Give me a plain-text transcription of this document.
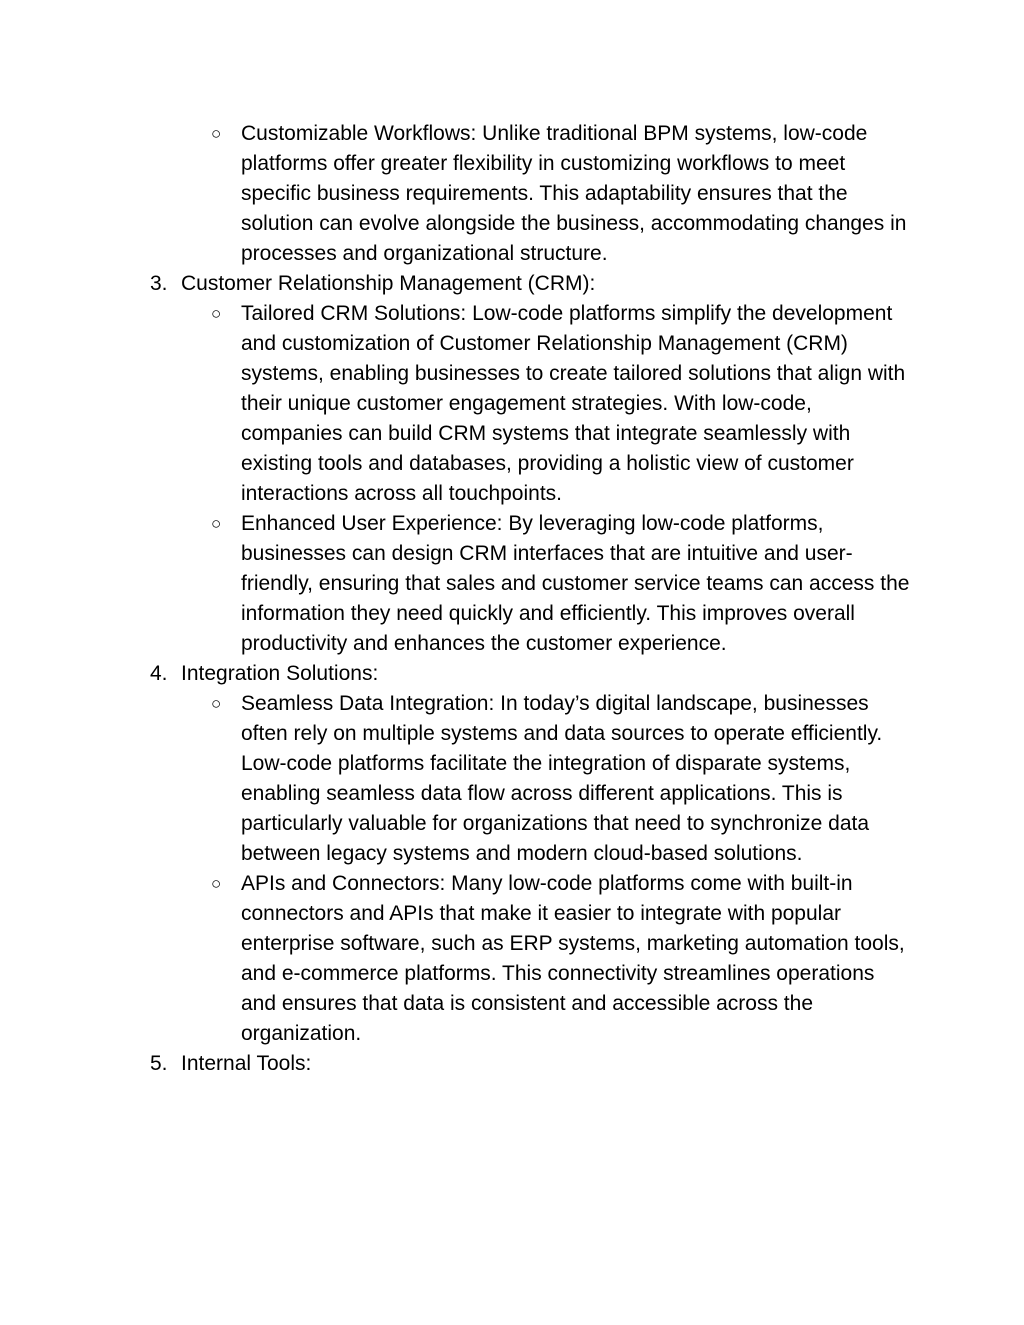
○ Customizable Workflows: Unlike traditional BPM systems, low-code platforms offer greater flexibility in customizing workflows to meet specific business requirements. This adaptability ensures that the solution can evolve alongside the business, accommodating changes in processes and organizational structure.
3. Customer Relationship Management (CRM):
○ Tailored CRM Solutions: Low-code platforms simplify the development and customization of Customer Relationship Management (CRM) systems, enabling businesses to create tailored solutions that align with their unique customer engagement strategies. With low-code, companies can build CRM systems that integrate seamlessly with existing tools and databases, providing a holistic view of customer interactions across all touchpoints.
○ Enhanced User Experience: By leveraging low-code platforms, businesses can design CRM interfaces that are intuitive and user-friendly, ensuring that sales and customer service teams can access the information they need quickly and efficiently. This improves overall productivity and enhances the customer experience.
4. Integration Solutions:
○ Seamless Data Integration: In today’s digital landscape, businesses often rely on multiple systems and data sources to operate efficiently. Low-code platforms facilitate the integration of disparate systems, enabling seamless data flow across different applications. This is particularly valuable for organizations that need to synchronize data between legacy systems and modern cloud-based solutions.
○ APIs and Connectors: Many low-code platforms come with built-in connectors and APIs that make it easier to integrate with popular enterprise software, such as ERP systems, marketing automation tools, and e-commerce platforms. This connectivity streamlines operations and ensures that data is consistent and accessible across the organization.
5. Internal Tools:
